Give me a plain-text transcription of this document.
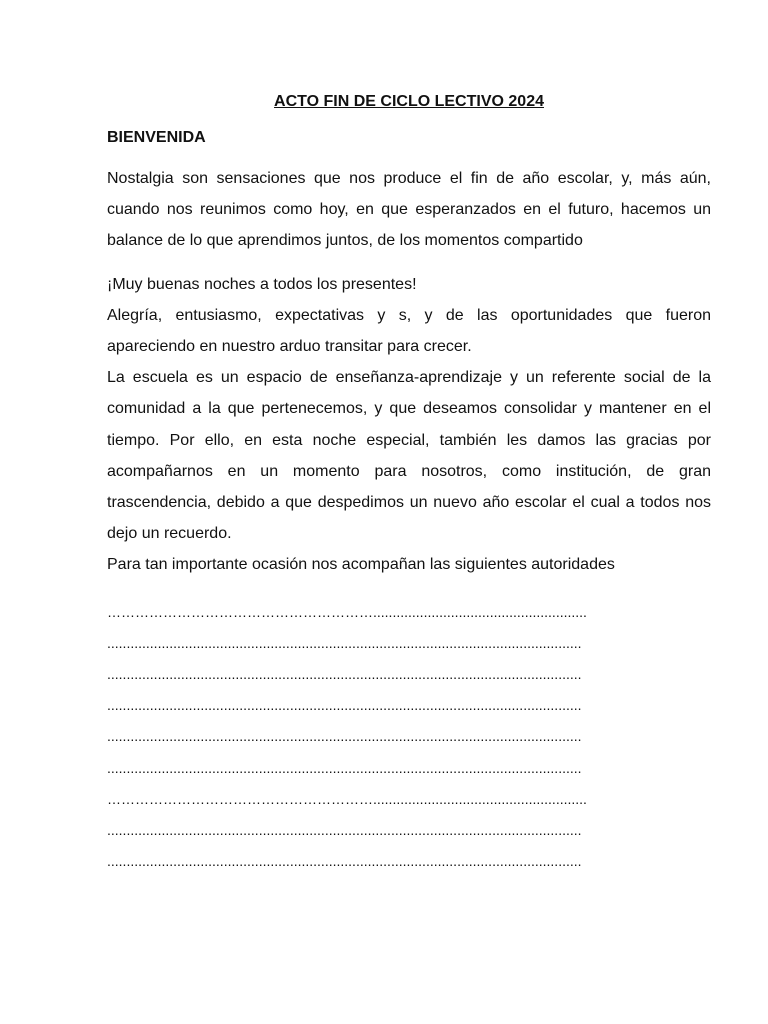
ACTO FIN DE CICLO LECTIVO 2024
BIENVENIDA

Nostalgia son sensaciones que nos produce el fin de año escolar, y, más aún, cuando nos reunimos como hoy, en que esperanzados en el futuro, hacemos un balance de lo que aprendimos juntos, de los momentos compartido

¡Muy buenas noches a todos los presentes!

Alegría, entusiasmo, expectativas y s, y de las oportunidades que fueron apareciendo en nuestro arduo transitar para crecer.

La escuela es un espacio de enseñanza-aprendizaje y un referente social de la comunidad a la que pertenecemos, y que deseamos consolidar y mantener en el tiempo. Por ello, en esta noche especial, también les damos las gracias por acompañarnos en un momento para nosotros, como institución, de gran trascendencia, debido a que despedimos un nuevo año escolar el cual a todos nos dejo un recuerdo.

Para tan importante ocasión nos acompañan las siguientes autoridades

………………………………………………….......................................................
..........................................................................................................................
..........................................................................................................................
..........................................................................................................................
..........................................................................................................................
..........................................................................................................................
………………………………………………….......................................................
..........................................................................................................................
..........................................................................................................................
